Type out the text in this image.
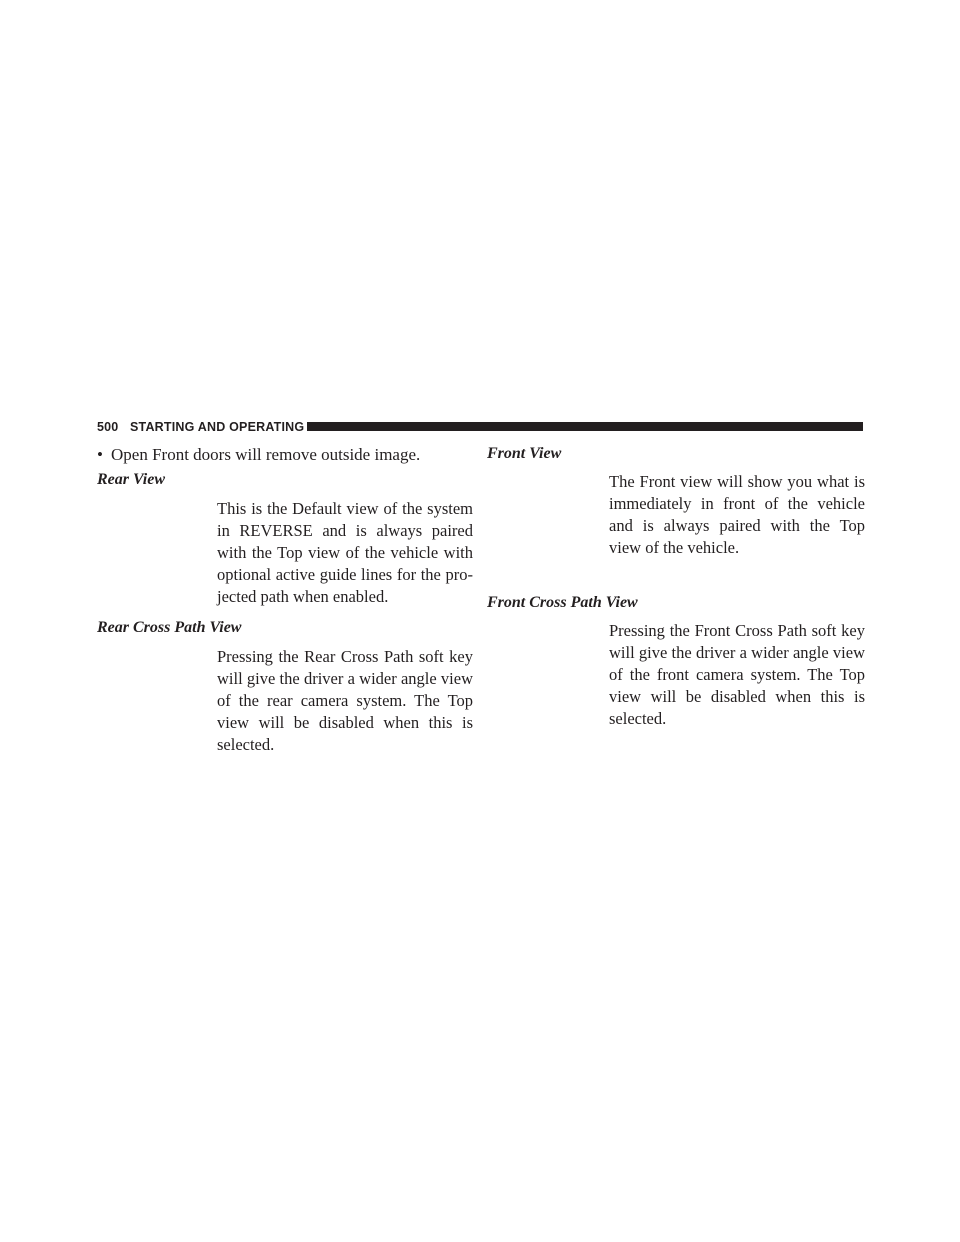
500 STARTING AND OPERATING

• Open Front doors will remove outside image.

Rear View

This is the Default view of the system in REVERSE and is always paired with the Top view of the vehicle with optional active guide lines for the projected path when enabled.

Rear Cross Path View

Pressing the Rear Cross Path soft key will give the driver a wider angle view of the rear camera system. The Top view will be disabled when this is selected.

Front View

The Front view will show you what is immediately in front of the vehicle and is always paired with the Top view of the vehicle.

Front Cross Path View

Pressing the Front Cross Path soft key will give the driver a wider angle view of the front camera system. The Top view will be disabled when this is selected.
